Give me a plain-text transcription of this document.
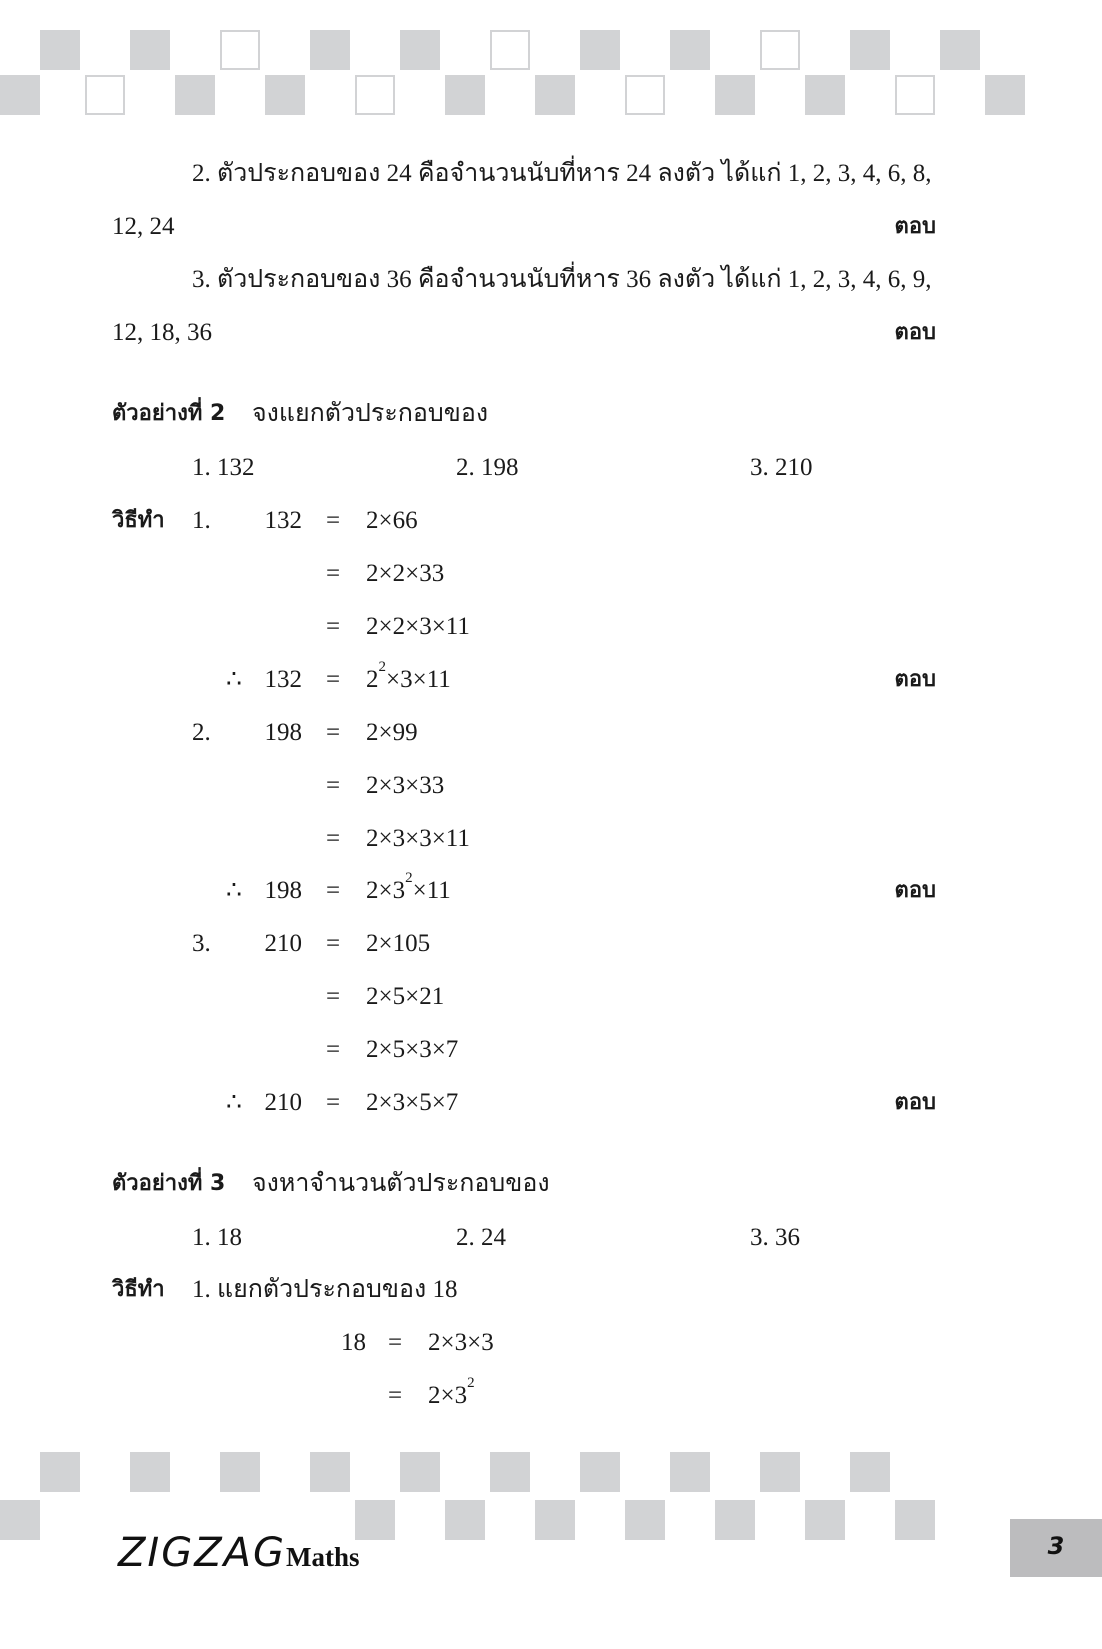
2. ตัวประกอบของ 24 คือจำนวนนับที่หาร 24 ลงตัว ได้แก่ 1, 2, 3, 4, 6, 8,
12, 24	ตอบ
3. ตัวประกอบของ 36 คือจำนวนนับที่หาร 36 ลงตัว ได้แก่ 1, 2, 3, 4, 6, 9,
12, 18, 36	ตอบ
ตัวอย่างที่ 2 จงแยกตัวประกอบของ
1. 132	2. 198	3. 210
วิธีทำ 1.	132 = 2×66
= 2×2×33
= 2×2×3×11
∴ $132 = 2^2\times 3\times 11$	ตอบ
2.	198 = 2×99
= 2×3×33
= 2×3×3×11
∴ $198 = 2\times 3^2\times 11$	ตอบ
3.	210 = 2×105
= 2×5×21
= 2×5×3×7
∴ 210 = 2×3×5×7	ตอบ
ตัวอย่างที่ 3 จงหาจำนวนตัวประกอบของ
1. 18	2. 24	3. 36
วิธีทำ 1. แยกตัวประกอบของ 18
18 = 2×3×3
= $2\times 3^2$
ZIGZAGMaths	3
